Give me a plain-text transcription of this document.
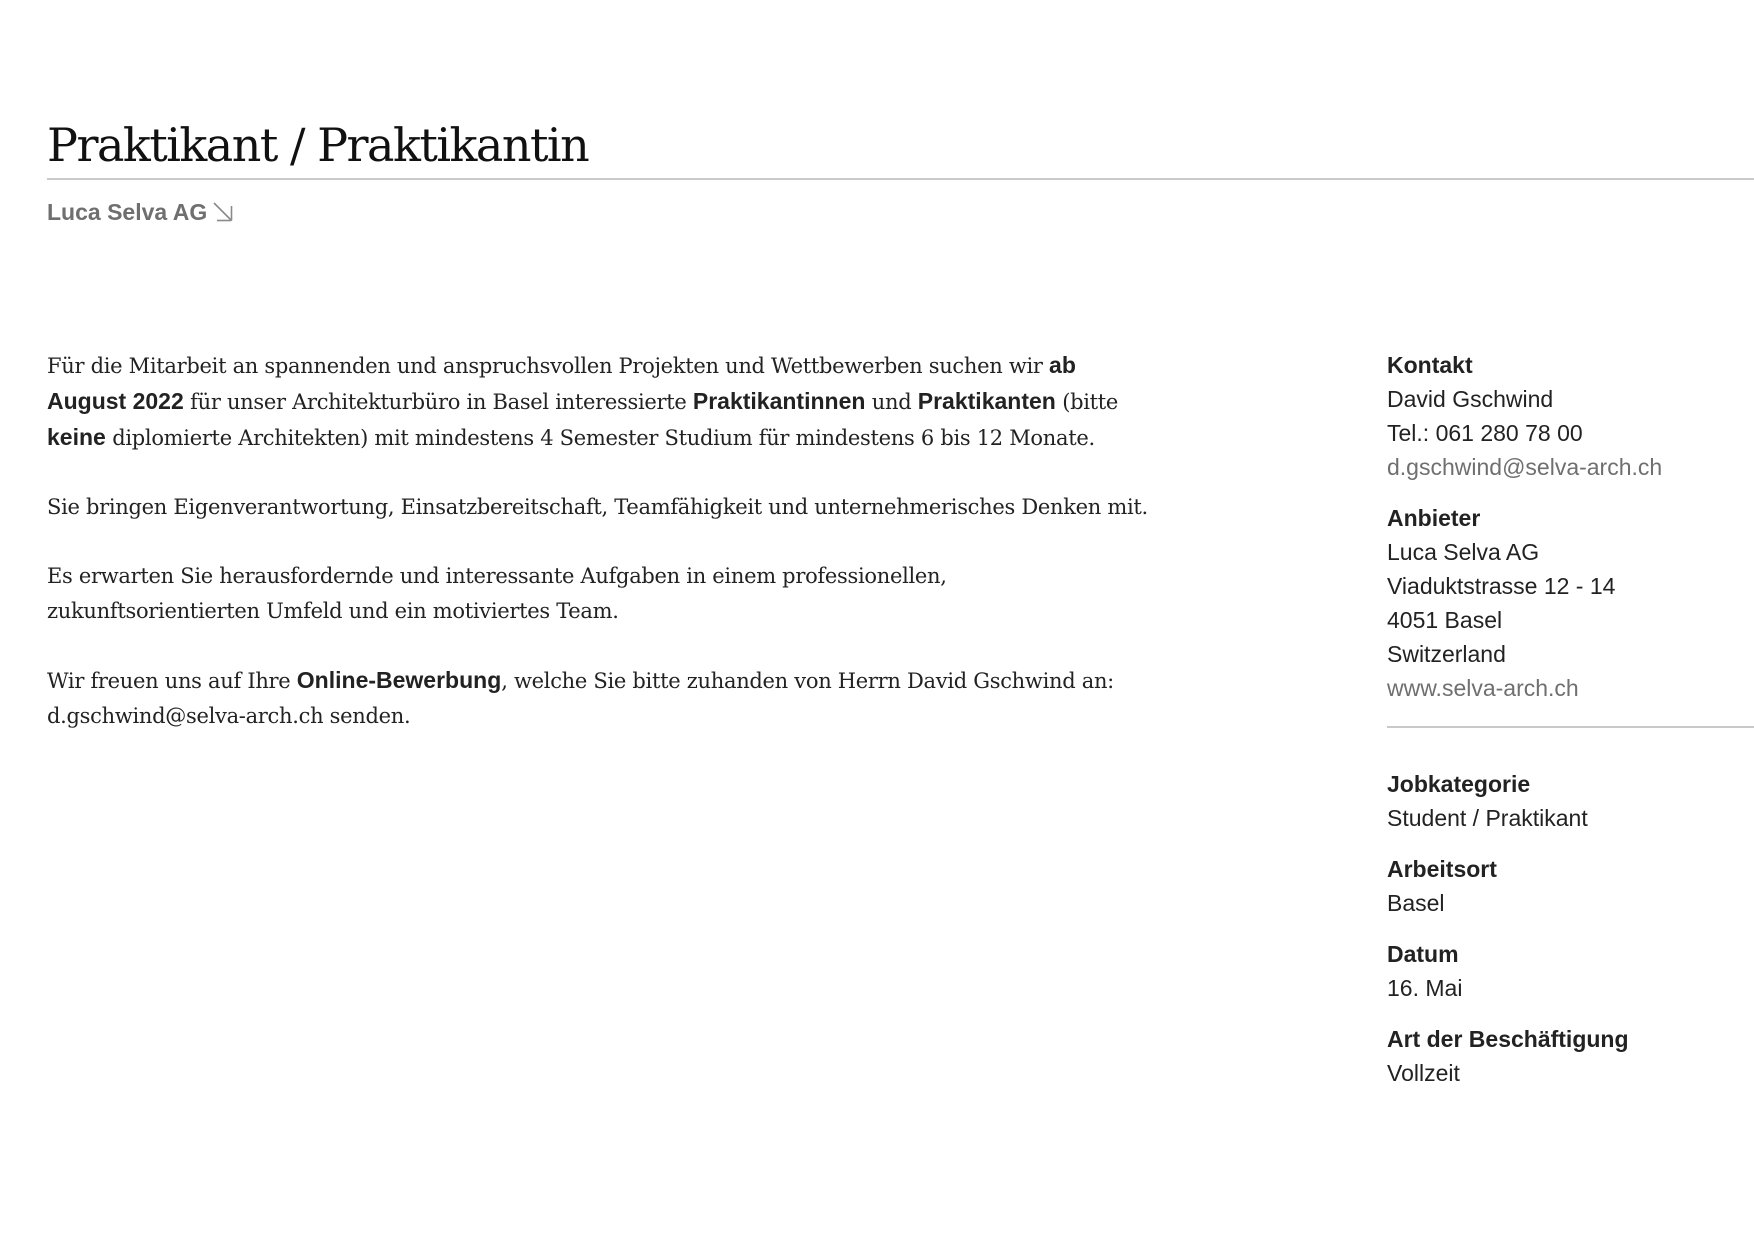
Praktikant / Praktikantin
Luca Selva AG

Für die Mitarbeit an spannenden und anspruchsvollen Projekten und Wettbewerben suchen wir ab August 2022 für unser Architekturbüro in Basel interessierte Praktikantinnen und Praktikanten (bitte keine diplomierte Architekten) mit mindestens 4 Semester Studium für mindestens 6 bis 12 Monate.

Sie bringen Eigenverantwortung, Einsatzbereitschaft, Teamfähigkeit und unternehmerisches Denken mit.

Es erwarten Sie herausfordernde und interessante Aufgaben in einem professionellen, zukunftsorientierten Umfeld und ein motiviertes Team.

Wir freuen uns auf Ihre Online-Bewerbung, welche Sie bitte zuhanden von Herrn David Gschwind an: d.gschwind@selva-arch.ch senden.

Kontakt
David Gschwind
Tel.: 061 280 78 00
d.gschwind@selva-arch.ch
Anbieter
Luca Selva AG
Viaduktstrasse 12 - 14
4051 Basel
Switzerland
www.selva-arch.ch
Jobkategorie
Student / Praktikant
Arbeitsort
Basel
Datum
16. Mai
Art der Beschäftigung
Vollzeit
